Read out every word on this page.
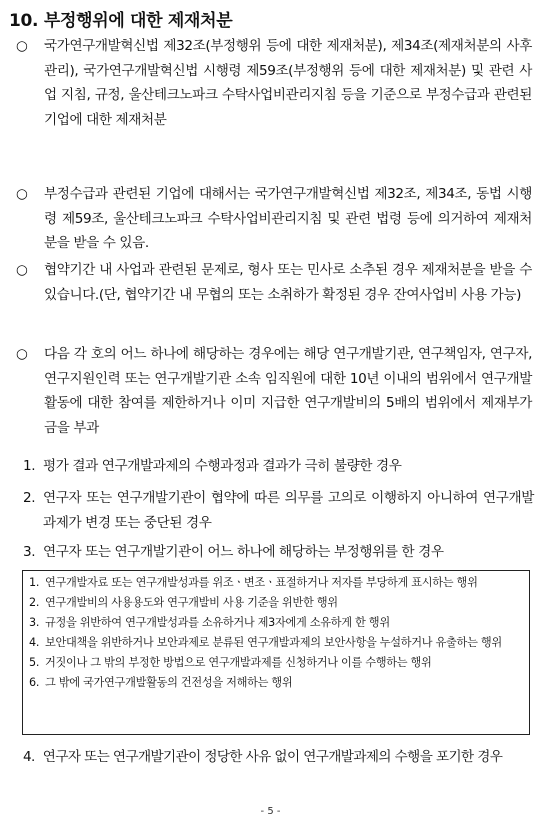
10. 부정행위에 대한 제재처분
○	국가연구개발혁신법 제32조(부정행위 등에 대한 제재처분), 제34조(제재처분의 사후관리), 국가연구개발혁신법 시행령 제59조(부정행위 등에 대한 제재처분) 및 관련 사업 지침, 규정, 울산테크노파크 수탁사업비관리지침 등을 기준으로 부정수급과 관련된 기업에 대한 제재처분
○	부정수급과 관련된 기업에 대해서는 국가연구개발혁신법 제32조, 제34조, 동법 시행령 제59조, 울산테크노파크 수탁사업비관리지침 및 관련 법령 등에 의거하여 제재처분을 받을 수 있음.
○	협약기간 내 사업과 관련된 문제로, 형사 또는 민사로 소추된 경우 제재처분을 받을 수 있습니다.(단, 협약기간 내 무협의 또는 소취하가 확정된 경우 잔여사업비 사용 가능)
○	다음 각 호의 어느 하나에 해당하는 경우에는 해당 연구개발기관, 연구책임자, 연구자, 연구지원인력 또는 연구개발기관 소속 임직원에 대한 10년 이내의 범위에서 연구개발활동에 대한 참여를 제한하거나 이미 지급한 연구개발비의 5배의 범위에서 제재부가금을 부과
1. 평가 결과 연구개발과제의 수행과정과 결과가 극히 불량한 경우
2. 연구자 또는 연구개발기관이 협약에 따른 의무를 고의로 이행하지 아니하여 연구개발과제가 변경 또는 중단된 경우
3. 연구자 또는 연구개발기관이 어느 하나에 해당하는 부정행위를 한 경우
1. 연구개발자료 또는 연구개발성과를 위조ㆍ변조ㆍ표절하거나 저자를 부당하게 표시하는 행위
2. 연구개발비의 사용용도와 연구개발비 사용 기준을 위반한 행위
3. 규정을 위반하여 연구개발성과를 소유하거나 제3자에게 소유하게 한 행위
4. 보안대책을 위반하거나 보안과제로 분류된 연구개발과제의 보안사항을 누설하거나 유출하는 행위
5. 거짓이나 그 밖의 부정한 방법으로 연구개발과제를 신청하거나 이를 수행하는 행위
6. 그 밖에 국가연구개발활동의 건전성을 저해하는 행위
4. 연구자 또는 연구개발기관이 정당한 사유 없이 연구개발과제의 수행을 포기한 경우
- 5 -
